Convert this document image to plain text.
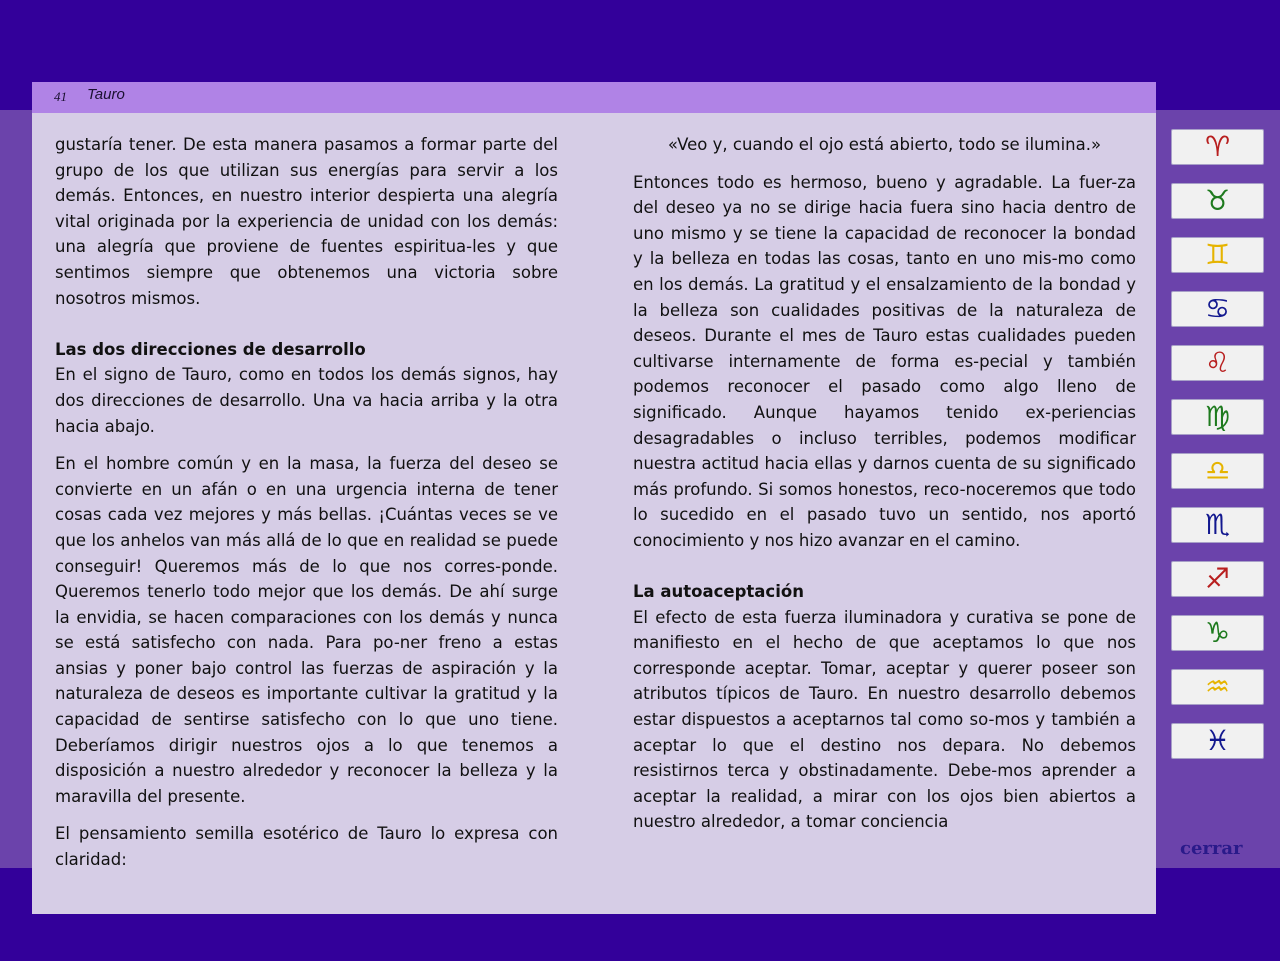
41 Tauro

gustaría tener. De esta manera pasamos a formar parte del grupo de los que utilizan sus energías para servir a los demás. Entonces, en nuestro interior despierta una alegría vital originada por la experiencia de unidad con los demás: una alegría que proviene de fuentes espiritua-les y que sentimos siempre que obtenemos una victoria sobre nosotros mismos.

Las dos direcciones de desarrollo

En el signo de Tauro, como en todos los demás signos, hay dos direcciones de desarrollo. Una va hacia arriba y la otra hacia abajo.

En el hombre común y en la masa, la fuerza del deseo se convierte en un afán o en una urgencia interna de tener cosas cada vez mejores y más bellas. ¡Cuántas veces se ve que los anhelos van más allá de lo que en realidad se puede conseguir! Queremos más de lo que nos corres-ponde. Queremos tenerlo todo mejor que los demás. De ahí surge la envidia, se hacen comparaciones con los demás y nunca se está satisfecho con nada. Para po-ner freno a estas ansias y poner bajo control las fuerzas de aspiración y la naturaleza de deseos es importante cultivar la gratitud y la capacidad de sentirse satisfecho con lo que uno tiene. Deberíamos dirigir nuestros ojos a lo que tenemos a disposición a nuestro alrededor y reconocer la belleza y la maravilla del presente.

El pensamiento semilla esotérico de Tauro lo expresa con claridad:

«Veo y, cuando el ojo está abierto, todo se ilumina.»

Entonces todo es hermoso, bueno y agradable. La fuer-za del deseo ya no se dirige hacia fuera sino hacia dentro de uno mismo y se tiene la capacidad de reconocer la bondad y la belleza en todas las cosas, tanto en uno mis-mo como en los demás. La gratitud y el ensalzamiento de la bondad y la belleza son cualidades positivas de la naturaleza de deseos. Durante el mes de Tauro estas cualidades pueden cultivarse internamente de forma es-pecial y también podemos reconocer el pasado como algo lleno de significado. Aunque hayamos tenido ex-periencias desagradables o incluso terribles, podemos modificar nuestra actitud hacia ellas y darnos cuenta de su significado más profundo. Si somos honestos, reco-noceremos que todo lo sucedido en el pasado tuvo un sentido, nos aportó conocimiento y nos hizo avanzar en el camino.

La autoaceptación

El efecto de esta fuerza iluminadora y curativa se pone de manifiesto en el hecho de que aceptamos lo que nos corresponde aceptar. Tomar, aceptar y querer poseer son atributos típicos de Tauro. En nuestro desarrollo debemos estar dispuestos a aceptarnos tal como so-mos y también a aceptar lo que el destino nos depara. No debemos resistirnos terca y obstinadamente. Debe-mos aprender a aceptar la realidad, a mirar con los ojos bien abiertos a nuestro alrededor, a tomar conciencia

♈
♉
♊
♋
♌
♍
♎
♏
♐
♑
♒
♓
cerrar
